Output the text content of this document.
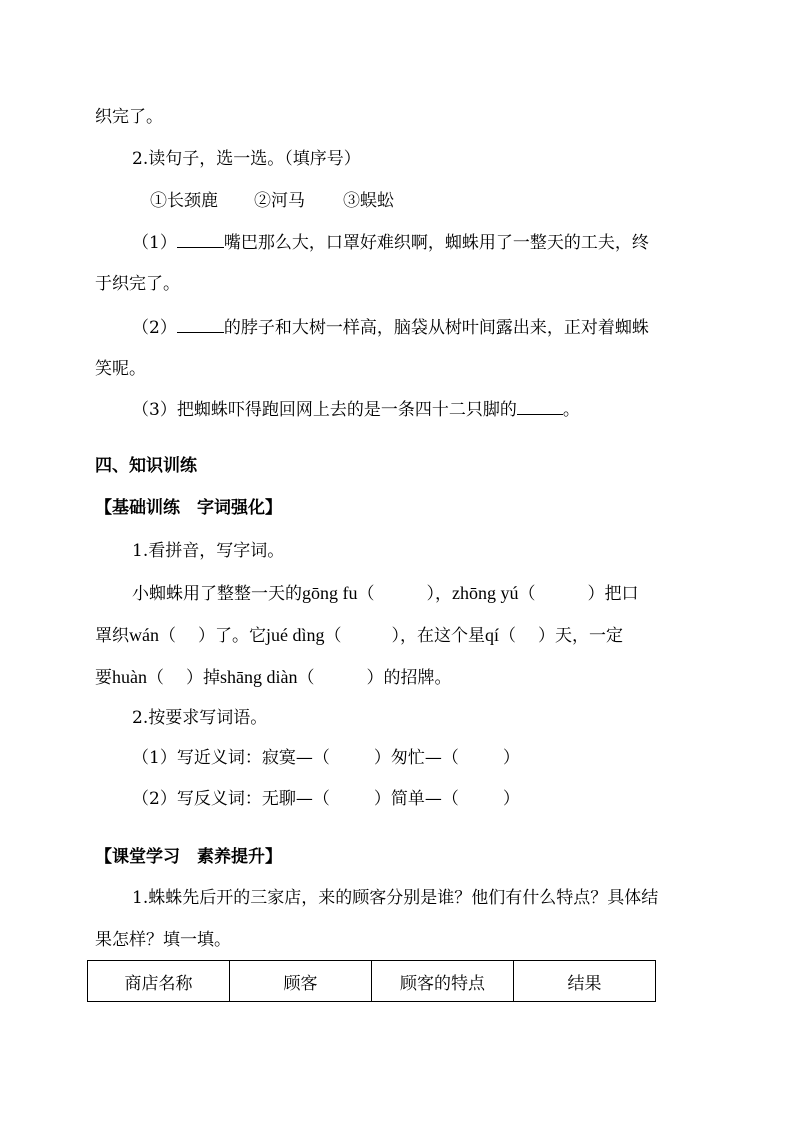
织完了。
2.读句子，选一选。（填序号）
①长颈鹿 ②河马 ③蜈蚣
（1）	嘴巴那么大，口罩好难织啊，蜘蛛用了一整天的工夫，终
于织完了。
（2）	的脖子和大树一样高，脑袋从树叶间露出来，正对着蜘蛛
笑呢。
（3）把蜘蛛吓得跑回网上去的是一条四十二只脚的	。
四、知识训练
【基础训练　字词强化】
1.看拼音，写字词。
小蜘蛛用了整整一天的gōng fu（	），zhōng yú（	）把口
罩织wán（ ）了。它jué dìng（	），在这个星qí（ ）天，一定
要huàn（ ）掉shāng diàn（	）的招牌。
2.按要求写词语。
（1）写近义词：寂寞—（	）匆忙—（	）
（2）写反义词：无聊—（	）简单—（	）
【课堂学习　素养提升】
1.蛛蛛先后开的三家店，来的顾客分别是谁？他们有什么特点？具体结
果怎样？填一填。
商店名称	顾客	顾客的特点	结果
